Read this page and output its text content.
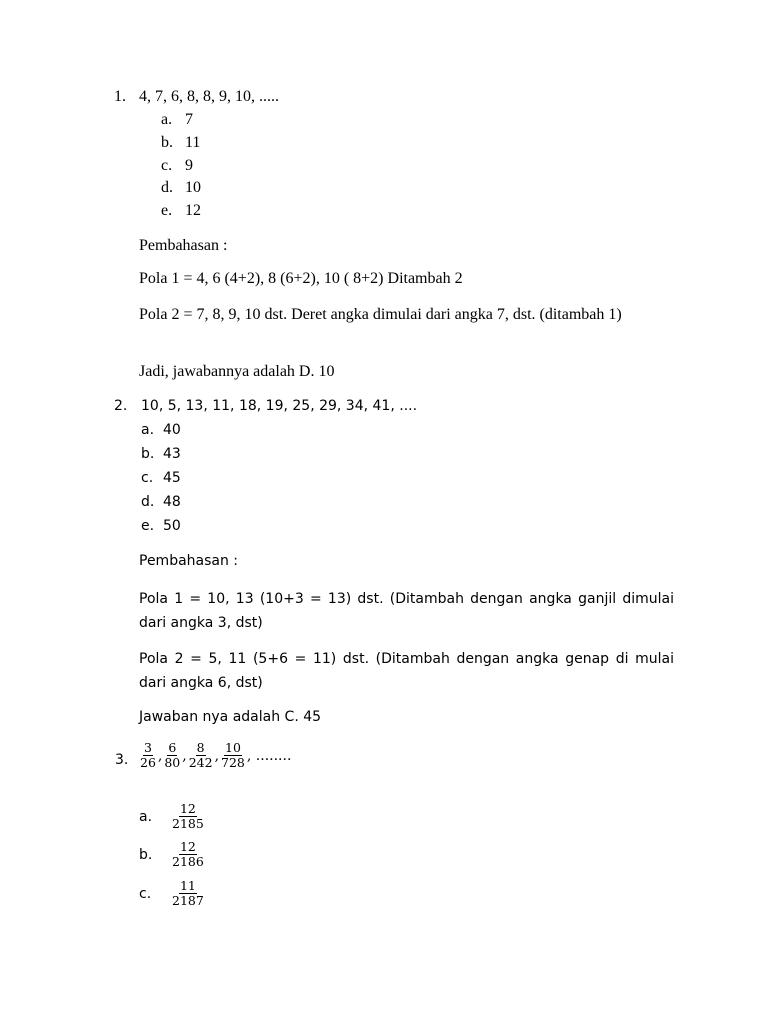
1. 4, 7, 6, 8, 8, 9, 10, .....
a. 7
b. 11
c. 9
d. 10
e. 12
Pembahasan :
Pola 1 = 4, 6 (4+2), 8 (6+2), 10 ( 8+2) Ditambah 2
Pola 2 = 7, 8, 9, 10 dst. Deret angka dimulai dari angka 7, dst. (ditambah 1)
Jadi, jawabannya adalah D. 10
2. 10, 5, 13, 11, 18, 19, 25, 29, 34, 41, ....
a. 40
b. 43
c. 45
d. 48
e. 50
Pembahasan :
Pola 1 = 10, 13 (10+3 = 13) dst. (Ditambah dengan angka ganjil dimulai dari angka 3, dst)
Pola 2 = 5, 11 (5+6 = 11) dst. (Ditambah dengan angka genap di mulai dari angka 6, dst)
Jawaban nya adalah C. 45
3. $\frac{3}{26}$ , $\frac{6}{80}$ , $\frac{8}{242}$ , $\frac{10}{728}$ , ........
a.	$\frac{12}{2185}$
b.	$\frac{12}{2186}$
c.	$\frac{11}{2187}$
